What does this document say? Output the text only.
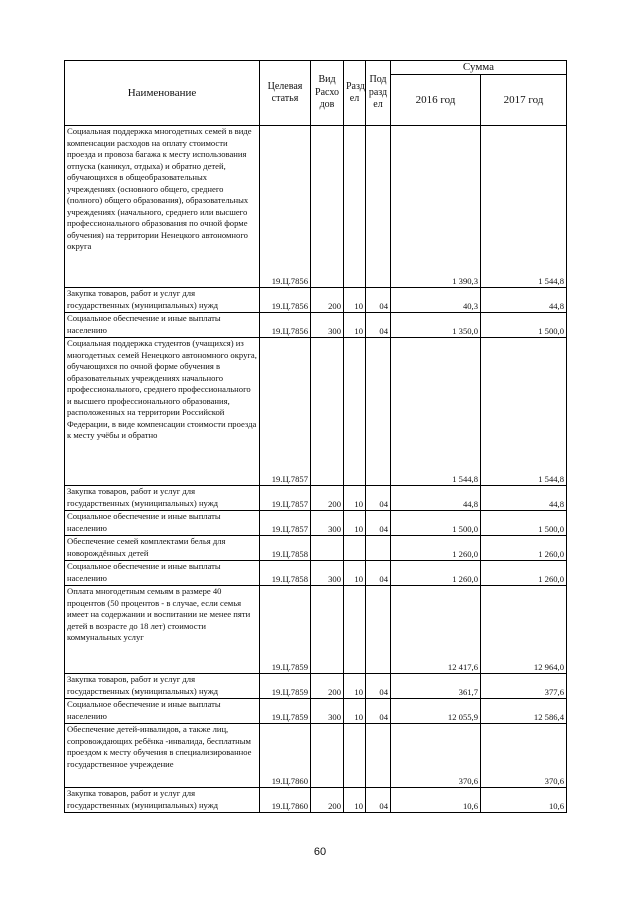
Наименование	Целевая статья	Вид Расхо дов	Разд ел	Под разд ел	Сумма	
					2016 год	2017 год
Социальная поддержка многодетных семей в виде компенсации расходов на оплату стоимости проезда и провоза багажа к месту использования отпуска (каникул, отдыха) и обратно детей, обучающихся в общеобразовательных учреждениях (основного общего, среднего (полного) общего образования), образовательных учреждениях (начального, среднего или высшего профессионального образования по очной форме обучения) на территории Ненецкого автономного округа	19.Ц.7856				1 390,3	1 544,8
Закупка товаров, работ и услуг для государственных (муниципальных) нужд	19.Ц.7856	200	10	04	40,3	44,8
Социальное обеспечение и иные выплаты населению	19.Ц.7856	300	10	04	1 350,0	1 500,0
Социальная поддержка студентов (учащихся) из многодетных семей Ненецкого автономного округа, обучающихся по очной форме обучения в образовательных учреждениях начального профессионального, среднего профессионального и высшего профессионального образования, расположенных на территории Российской Федерации, в виде компенсации стоимости проезда к месту учёбы и обратно	19.Ц.7857				1 544,8	1 544,8
Закупка товаров, работ и услуг для государственных (муниципальных) нужд	19.Ц.7857	200	10	04	44,8	44,8
Социальное обеспечение и иные выплаты населению	19.Ц.7857	300	10	04	1 500,0	1 500,0
Обеспечение семей комплектами белья для новорождённых детей	19.Ц.7858				1 260,0	1 260,0
Социальное обеспечение и иные выплаты населению	19.Ц.7858	300	10	04	1 260,0	1 260,0
Оплата многодетным семьям в размере 40 процентов (50 процентов - в случае, если семья имеет на содержании и воспитании не менее пяти детей в возрасте до 18 лет) стоимости коммунальных услуг	19.Ц.7859				12 417,6	12 964,0
Закупка товаров, работ и услуг для государственных (муниципальных) нужд	19.Ц.7859	200	10	04	361,7	377,6
Социальное обеспечение и иные выплаты населению	19.Ц.7859	300	10	04	12 055,9	12 586,4
Обеспечение детей-инвалидов, а также лиц, сопровождающих ребёнка -инвалида, бесплатным проездом к месту обучения в специализированное государственное учреждение	19.Ц.7860				370,6	370,6
Закупка товаров, работ и услуг для государственных (муниципальных) нужд	19.Ц.7860	200	10	04	10,6	10,6
60
